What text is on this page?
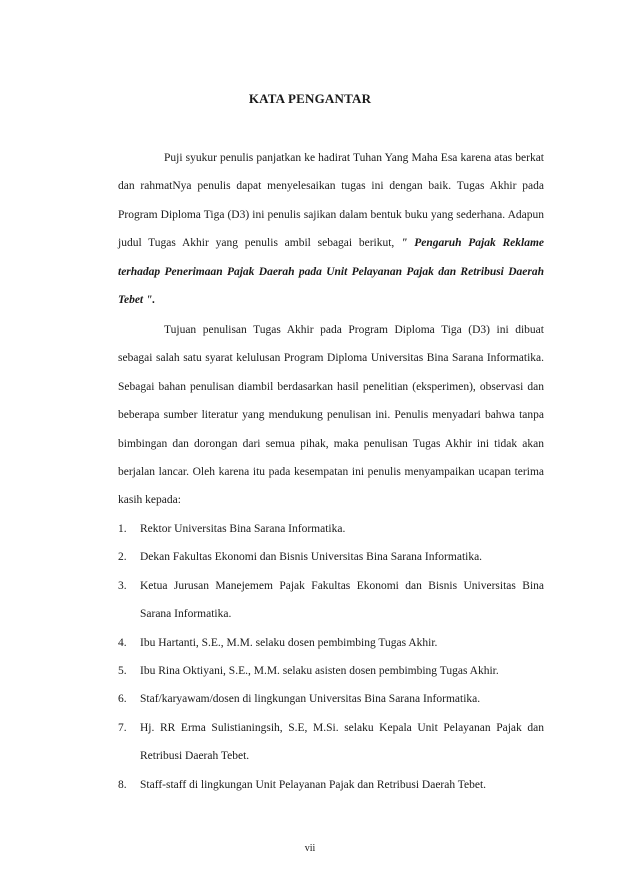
KATA PENGANTAR

Puji syukur penulis panjatkan ke hadirat Tuhan Yang Maha Esa karena atas berkat dan rahmatNya penulis dapat menyelesaikan tugas ini dengan baik. Tugas Akhir pada Program Diploma Tiga (D3) ini penulis sajikan dalam bentuk buku yang sederhana. Adapun judul Tugas Akhir yang penulis ambil sebagai berikut, " Pengaruh Pajak Reklame terhadap Penerimaan Pajak Daerah pada Unit Pelayanan Pajak dan Retribusi Daerah Tebet ".

Tujuan penulisan Tugas Akhir pada Program Diploma Tiga (D3) ini dibuat sebagai salah satu syarat kelulusan Program Diploma Universitas Bina Sarana Informatika. Sebagai bahan penulisan diambil berdasarkan hasil penelitian (eksperimen), observasi dan beberapa sumber literatur yang mendukung penulisan ini. Penulis menyadari bahwa tanpa bimbingan dan dorongan dari semua pihak, maka penulisan Tugas Akhir ini tidak akan berjalan lancar. Oleh karena itu pada kesempatan ini penulis menyampaikan ucapan terima kasih kepada:

1.	Rektor Universitas Bina Sarana Informatika.
2.	Dekan Fakultas Ekonomi dan Bisnis Universitas Bina Sarana Informatika.
3.	Ketua Jurusan Manejemem Pajak Fakultas Ekonomi dan Bisnis Universitas Bina Sarana Informatika.
4.	Ibu Hartanti, S.E., M.M. selaku dosen pembimbing Tugas Akhir.
5.	Ibu Rina Oktiyani, S.E., M.M. selaku asisten dosen pembimbing Tugas Akhir.
6.	Staf/karyawam/dosen di lingkungan Universitas Bina Sarana Informatika.
7.	Hj. RR Erma Sulistianingsih, S.E, M.Si. selaku Kepala Unit Pelayanan Pajak dan Retribusi Daerah Tebet.
8.	Staff-staff di lingkungan Unit Pelayanan Pajak dan Retribusi Daerah Tebet.
vii
